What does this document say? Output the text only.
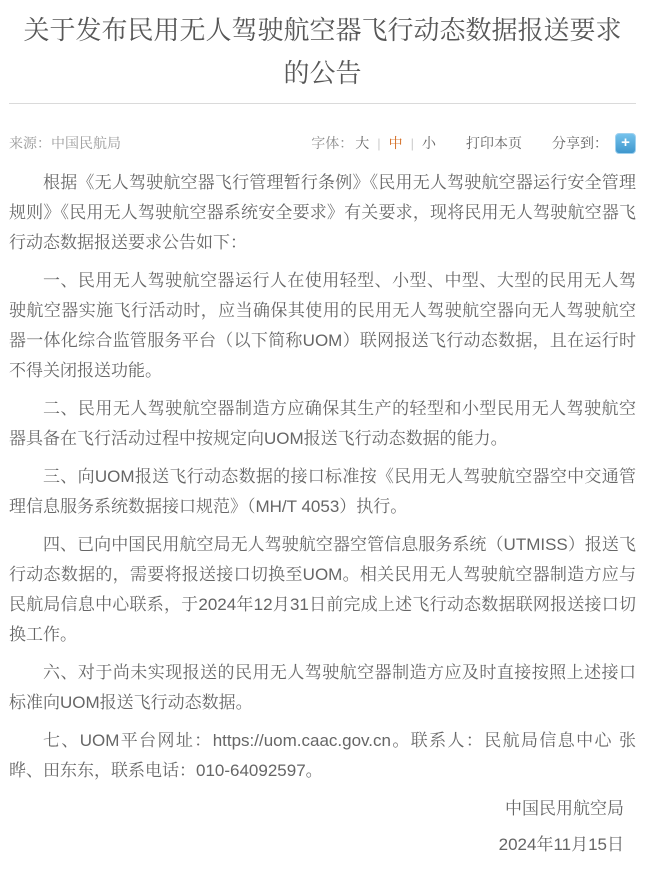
关于发布民用无人驾驶航空器飞行动态数据报送要求的公告
来源：中国民航局	字体： 大 | 中 | 小 打印本页 分享到： +

根据《无人驾驶航空器飞行管理暂行条例》《民用无人驾驶航空器运行安全管理规则》《民用无人驾驶航空器系统安全要求》有关要求，现将民用无人驾驶航空器飞行动态数据报送要求公告如下：

一、民用无人驾驶航空器运行人在使用轻型、小型、中型、大型的民用无人驾驶航空器实施飞行活动时，应当确保其使用的民用无人驾驶航空器向无人驾驶航空器一体化综合监管服务平台（以下简称UOM）联网报送飞行动态数据，且在运行时不得关闭报送功能。

二、民用无人驾驶航空器制造方应确保其生产的轻型和小型民用无人驾驶航空器具备在飞行活动过程中按规定向UOM报送飞行动态数据的能力。

三、向UOM报送飞行动态数据的接口标准按《民用无人驾驶航空器空中交通管理信息服务系统数据接口规范》（MH/T 4053）执行。

四、已向中国民用航空局无人驾驶航空器空管信息服务系统（UTMISS）报送飞行动态数据的，需要将报送接口切换至UOM。相关民用无人驾驶航空器制造方应与民航局信息中心联系，于2024年12月31日前完成上述飞行动态数据联网报送接口切换工作。

六、对于尚未实现报送的民用无人驾驶航空器制造方应及时直接按照上述接口标准向UOM报送飞行动态数据。

七、UOM平台网址：https://uom.caac.gov.cn。联系人：民航局信息中心 张晔、田东东，联系电话：010-64092597。

中国民用航空局

2024年11月15日
